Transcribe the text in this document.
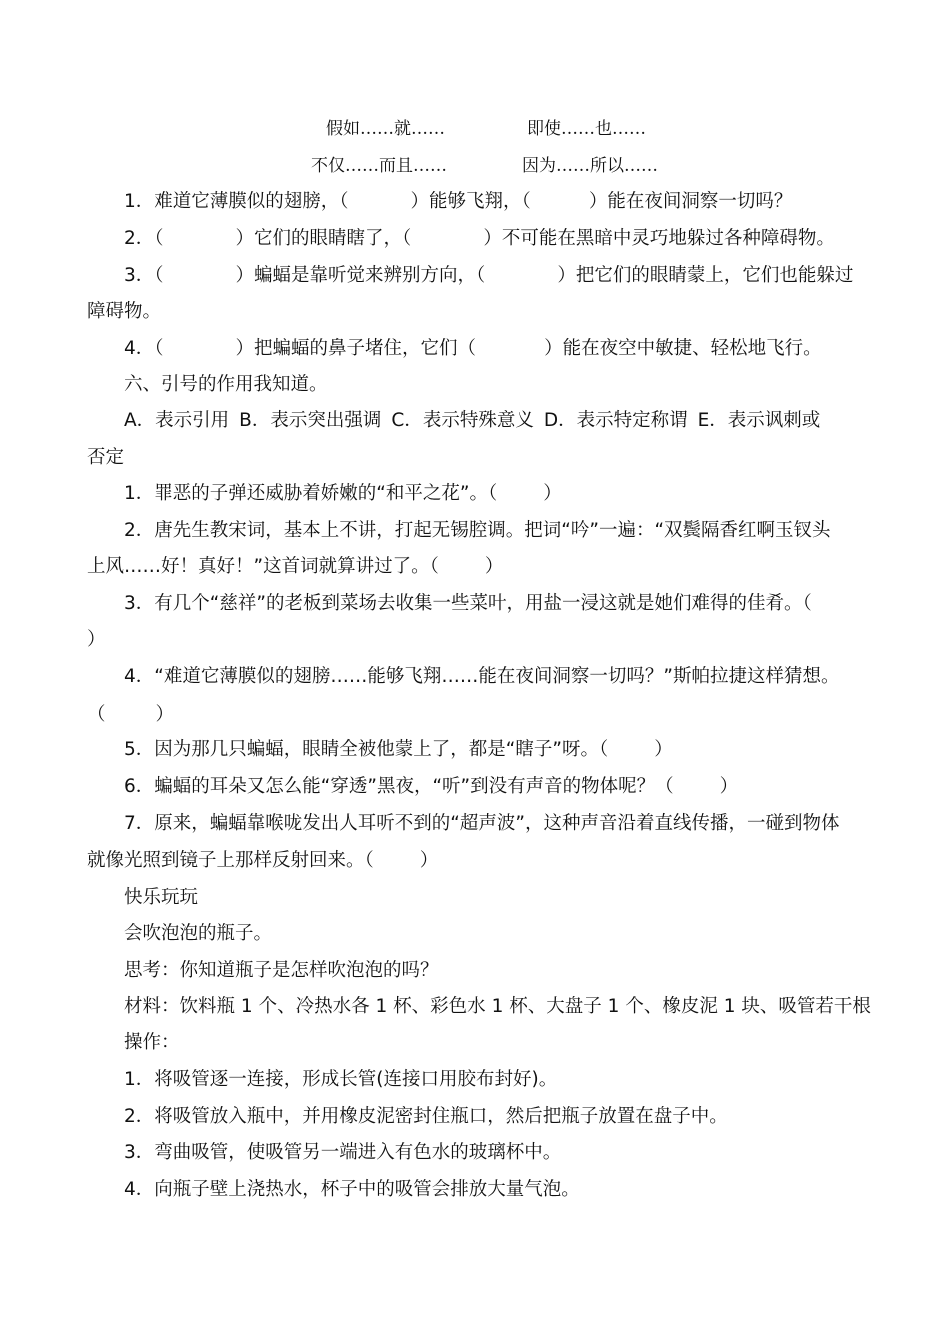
假如……就……	即使……也……
不仅……而且……	因为……所以……
1．难道它薄膜似的翅膀，（	）能够飞翔，（	）能在夜间洞察一切吗？
2．（	）它们的眼睛瞎了，（	）不可能在黑暗中灵巧地躲过各种障碍物。
3．（	）蝙蝠是靠听觉来辨别方向，（	）把它们的眼睛蒙上，它们也能躲过
障碍物。
4．（	）把蝙蝠的鼻子堵住，它们（	）能在夜空中敏捷、轻松地飞行。
六、引号的作用我知道。
A．表示引用 B．表示突出强调 C．表示特殊意义 D．表示特定称谓 E．表示讽刺或
否定
1．罪恶的子弹还威胁着娇嫩的“和平之花”。（ ）
2．唐先生教宋词，基本上不讲，打起无锡腔调。把词“吟”一遍：“双鬓隔香红啊玉钗头
上风……好！真好！”这首词就算讲过了。（ ）
3．有几个“慈祥”的老板到菜场去收集一些菜叶，用盐一浸这就是她们难得的佳肴。（
）
4．“难道它薄膜似的翅膀……能够飞翔……能在夜间洞察一切吗？”斯帕拉捷这样猜想。
（	）
5．因为那几只蝙蝠，眼睛全被他蒙上了，都是“瞎子”呀。（ ）
6．蝙蝠的耳朵又怎么能“穿透”黑夜，“听”到没有声音的物体呢？（ ）
7．原来，蝙蝠靠喉咙发出人耳听不到的“超声波”，这种声音沿着直线传播，一碰到物体
就像光照到镜子上那样反射回来。（ ）
快乐玩玩
会吹泡泡的瓶子。
思考：你知道瓶子是怎样吹泡泡的吗？
材料：饮料瓶 1 个、冷热水各 1 杯、彩色水 1 杯、大盘子 1 个、橡皮泥 1 块、吸管若干根
操作：
1．将吸管逐一连接，形成长管(连接口用胶布封好)。
2．将吸管放入瓶中，并用橡皮泥密封住瓶口，然后把瓶子放置在盘子中。
3．弯曲吸管，使吸管另一端进入有色水的玻璃杯中。
4．向瓶子壁上浇热水，杯子中的吸管会排放大量气泡。
